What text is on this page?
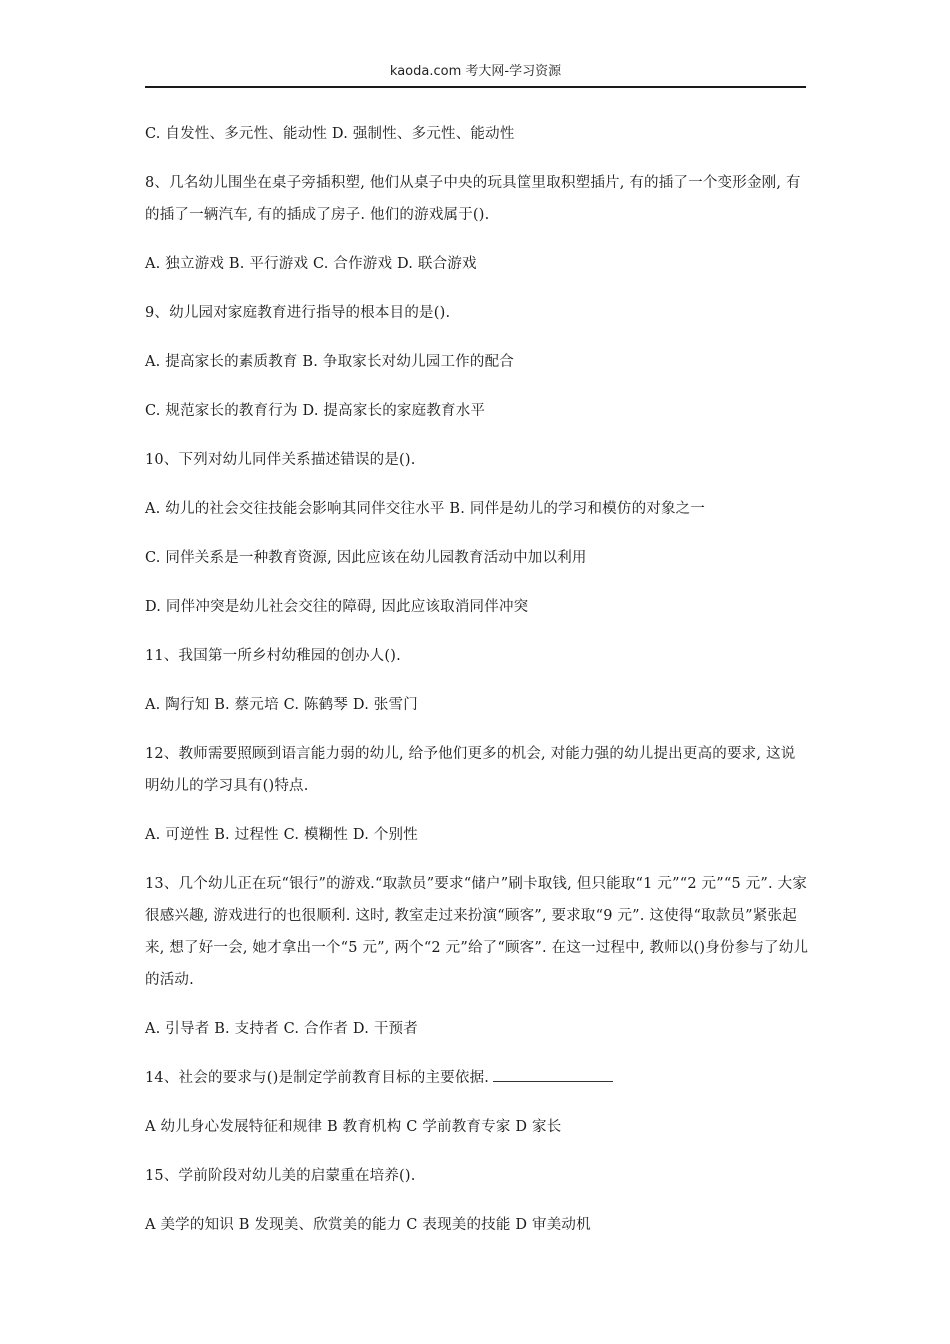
kaoda.com 考大网-学习资源

C. 自发性、多元性、能动性 D. 强制性、多元性、能动性

8、几名幼儿围坐在桌子旁插积塑, 他们从桌子中央的玩具筐里取积塑插片, 有的插了一个变形金刚, 有的插了一辆汽车, 有的插成了房子. 他们的游戏属于().

A. 独立游戏 B. 平行游戏 C. 合作游戏 D. 联合游戏

9、幼儿园对家庭教育进行指导的根本目的是().

A. 提高家长的素质教育 B. 争取家长对幼儿园工作的配合

C. 规范家长的教育行为 D. 提高家长的家庭教育水平

10、下列对幼儿同伴关系描述错误的是().

A. 幼儿的社会交往技能会影响其同伴交往水平 B. 同伴是幼儿的学习和模仿的对象之一

C. 同伴关系是一种教育资源, 因此应该在幼儿园教育活动中加以利用

D. 同伴冲突是幼儿社会交往的障碍, 因此应该取消同伴冲突

11、我国第一所乡村幼稚园的创办人().

A. 陶行知 B. 蔡元培 C. 陈鹤琴 D. 张雪门

12、教师需要照顾到语言能力弱的幼儿, 给予他们更多的机会, 对能力强的幼儿提出更高的要求, 这说明幼儿的学习具有()特点.

A. 可逆性 B. 过程性 C. 模糊性 D. 个别性

13、几个幼儿正在玩“银行”的游戏.“取款员”要求“储户”刷卡取钱, 但只能取“1 元”“2 元”“5 元”. 大家很感兴趣, 游戏进行的也很顺利. 这时, 教室走过来扮演“顾客”, 要求取“9 元”. 这使得“取款员”紧张起来, 想了好一会, 她才拿出一个“5 元”, 两个“2 元”给了“顾客”. 在这一过程中, 教师以()身份参与了幼儿的活动.

A. 引导者 B. 支持者 C. 合作者 D. 干预者

14、社会的要求与()是制定学前教育目标的主要依据.

A 幼儿身心发展特征和规律 B 教育机构 C 学前教育专家 D 家长

15、学前阶段对幼儿美的启蒙重在培养().

A 美学的知识 B 发现美、欣赏美的能力 C 表现美的技能 D 审美动机
